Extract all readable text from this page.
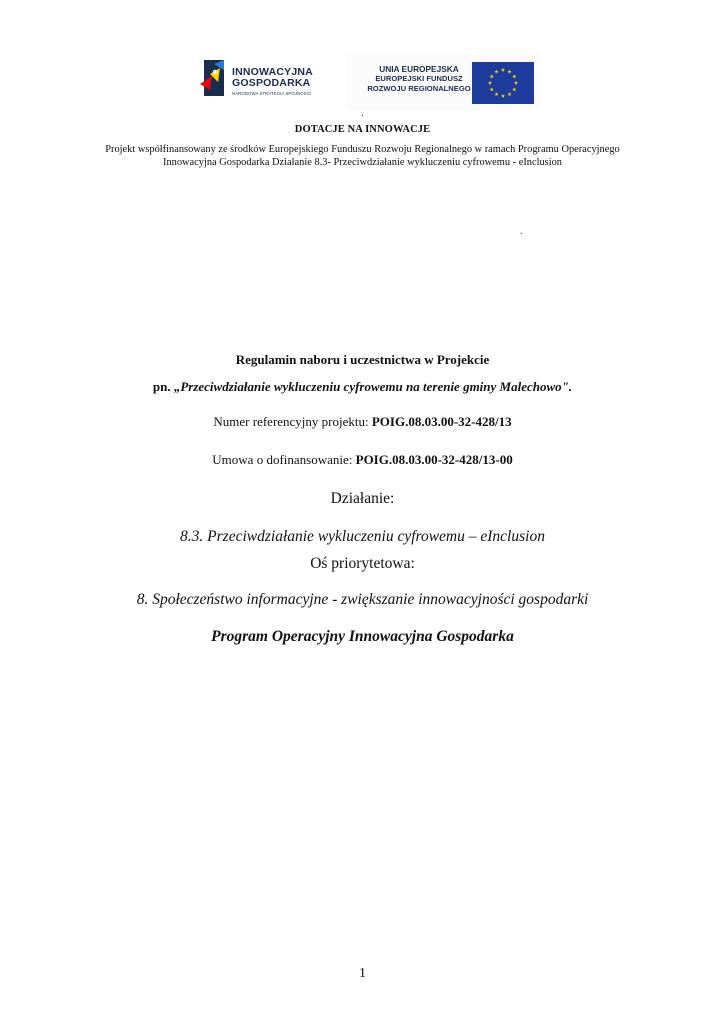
INNOWACYJNA
GOSPODARKA
NARODOWA STRATEGIA SPÓJNOŚCI
UNIA EUROPEJSKA
EUROPEJSKI FUNDUSZ
ROZWOJU REGIONALNEGO
.
DOTACJE NA INNOWACJE
Projekt współfinansowany ze środków Europejskiego Funduszu Rozwoju Regionalnego w ramach Programu Operacyjnego
Innowacyjna Gospodarka Działanie 8.3- Przeciwdziałanie wykluczeniu cyfrowemu - eInclusion
.
Regulamin naboru i uczestnictwa w Projekcie
pn. „Przeciwdziałanie wykluczeniu cyfrowemu na terenie gminy Malechowo".
Numer referencyjny projektu: POIG.08.03.00-32-428/13
Umowa o dofinansowanie: POIG.08.03.00-32-428/13-00
Działanie:
8.3. Przeciwdziałanie wykluczeniu cyfrowemu – eInclusion
Oś priorytetowa:
8. Społeczeństwo informacyjne - zwiększanie innowacyjności gospodarki
Program Operacyjny Innowacyjna Gospodarka
1
